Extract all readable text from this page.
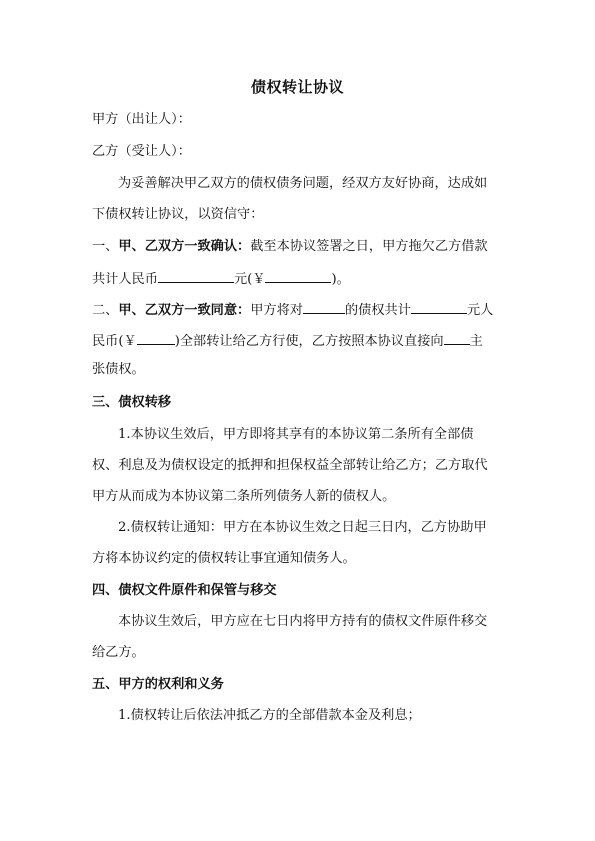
债权转让协议
甲方（出让人）：
乙方（受让人）：
为妥善解决甲乙双方的债权债务问题，经双方友好协商，达成如
下债权转让协议，以资信守：
一、甲、乙双方一致确认：截至本协议签署之日，甲方拖欠乙方借款
共计人民币	元(￥	)。
二、甲、乙双方一致同意：甲方将对	的债权共计	元人
民币(￥	)全部转让给乙方行使，乙方按照本协议直接向 主
张债权。
三、债权转移
1.本协议生效后，甲方即将其享有的本协议第二条所有全部债
权、利息及为债权设定的抵押和担保权益全部转让给乙方；乙方取代
甲方从而成为本协议第二条所列债务人新的债权人。
2.债权转让通知：甲方在本协议生效之日起三日内，乙方协助甲
方将本协议约定的债权转让事宜通知债务人。
四、债权文件原件和保管与移交
本协议生效后，甲方应在七日内将甲方持有的债权文件原件移交
给乙方。
五、甲方的权利和义务
1.债权转让后依法冲抵乙方的全部借款本金及利息；
